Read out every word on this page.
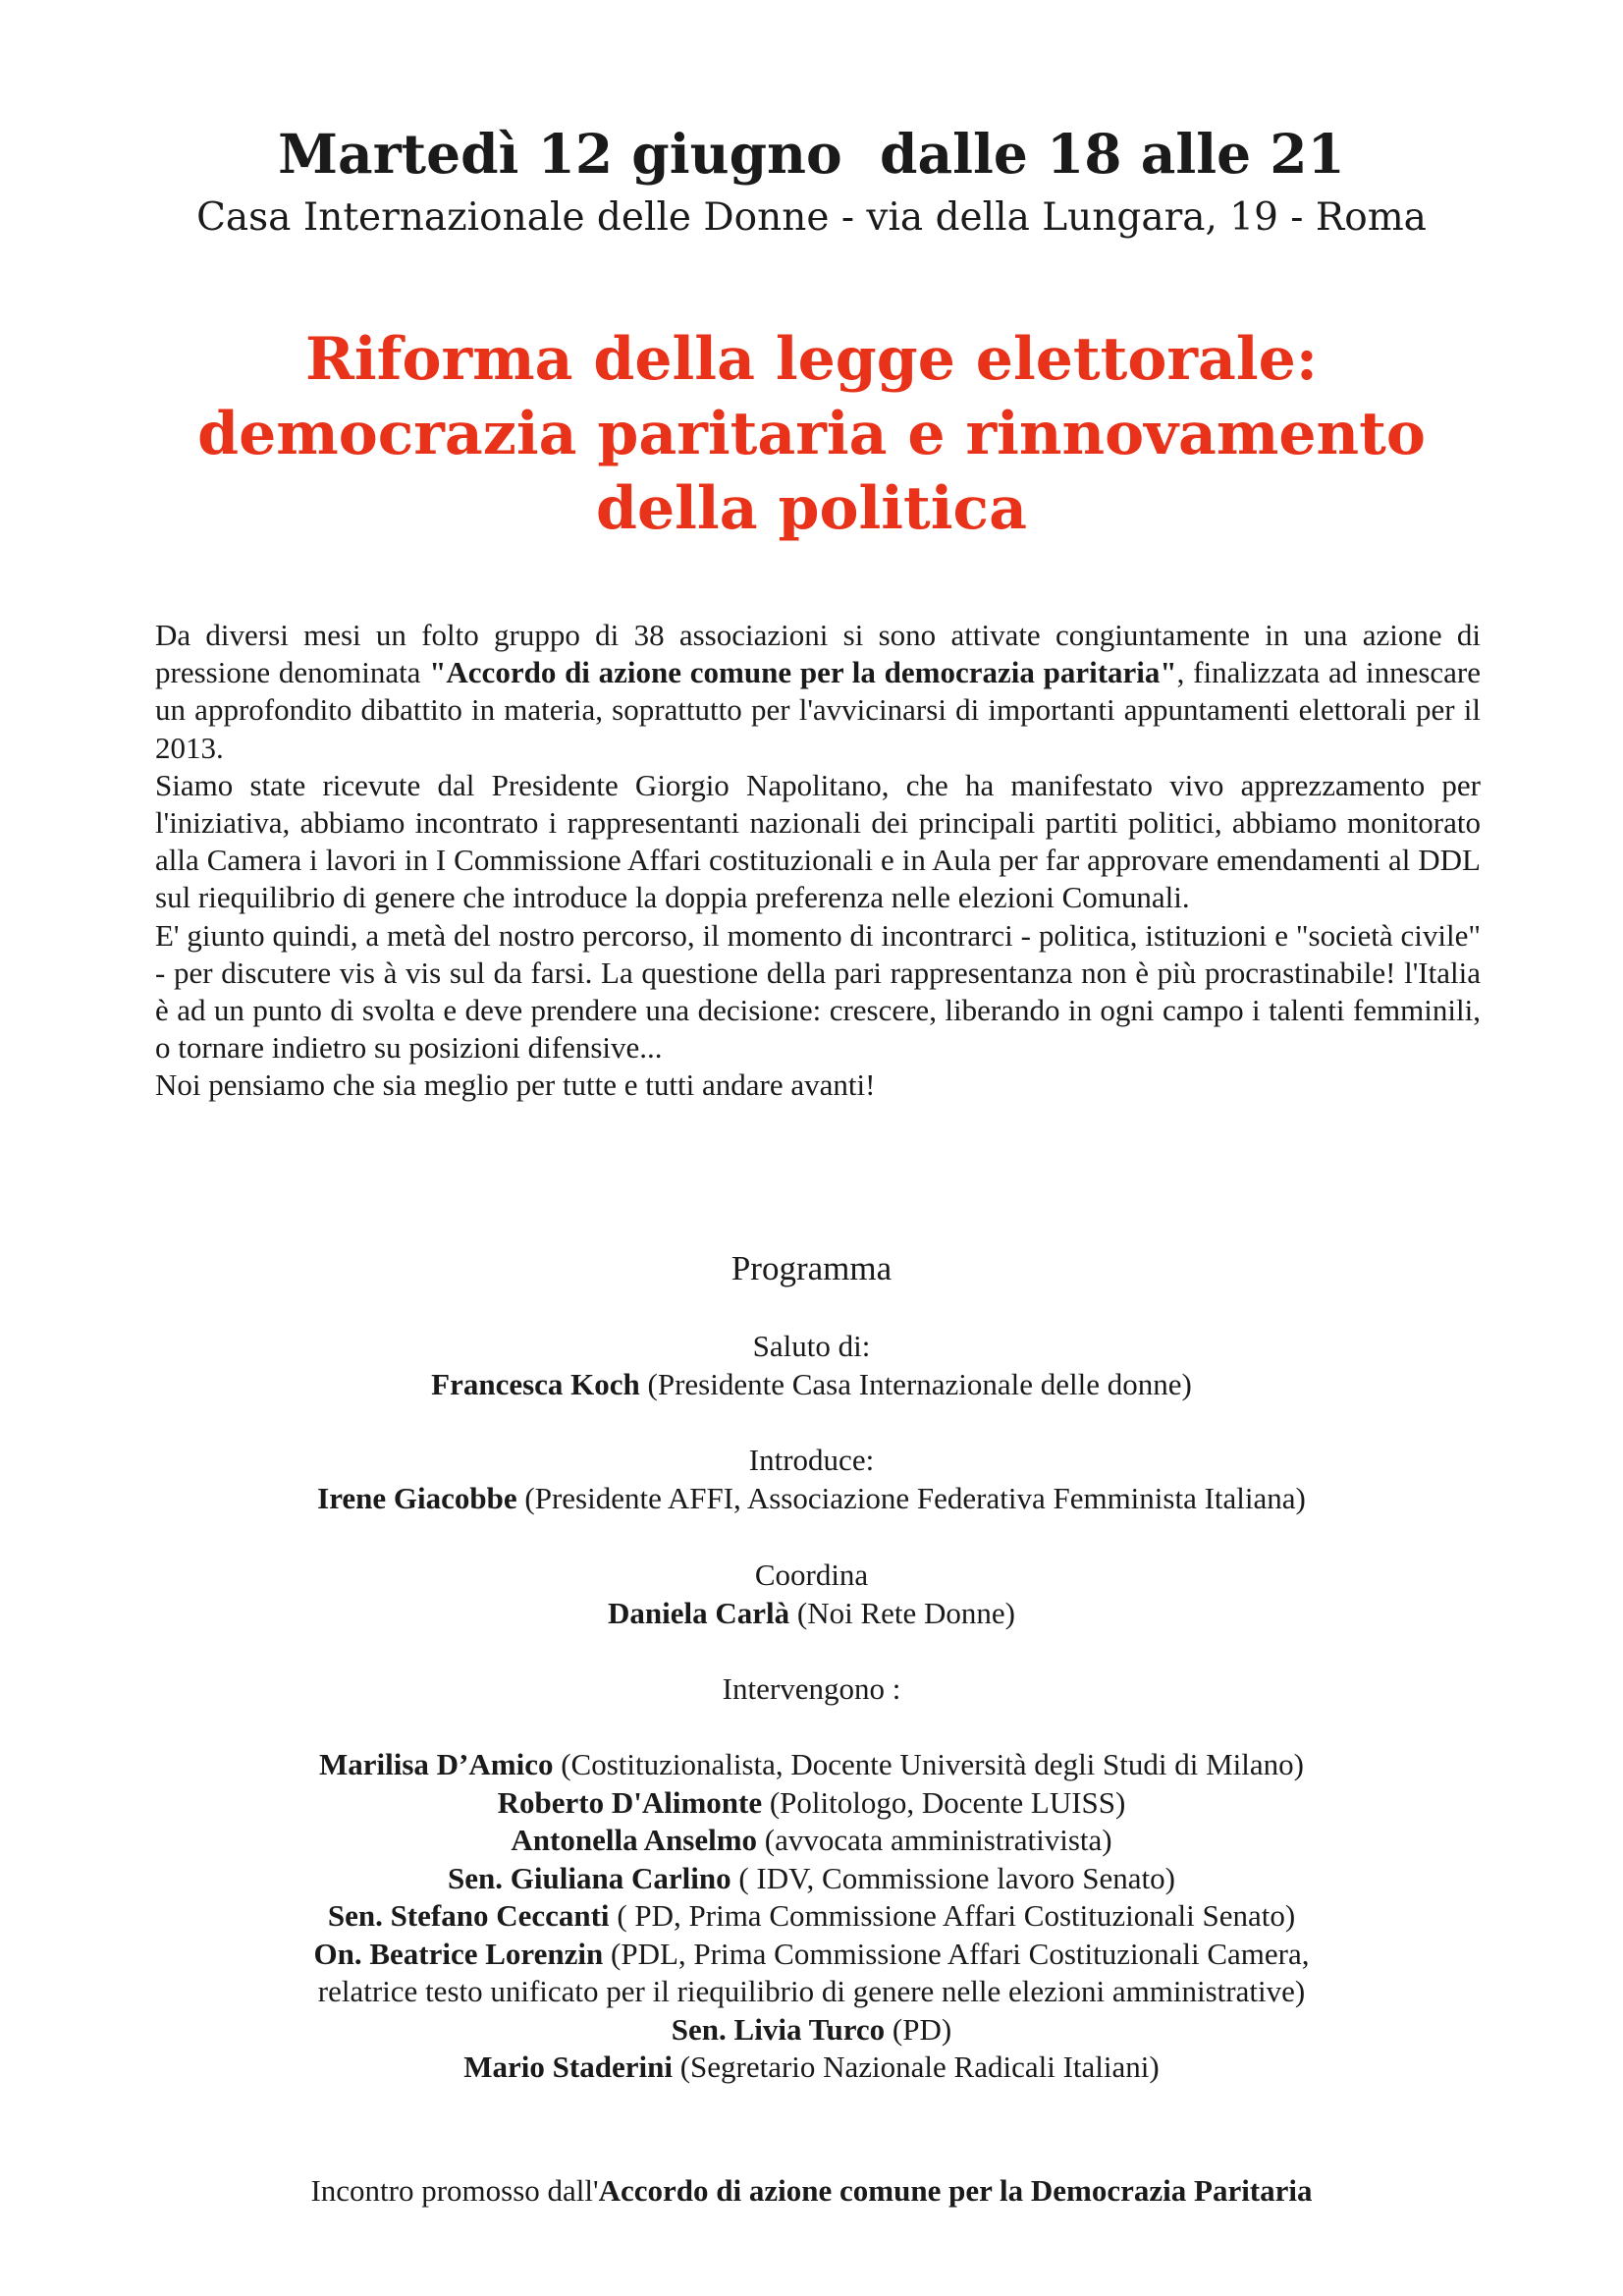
Martedì 12 giugno  dalle 18 alle 21
Casa Internazionale delle Donne - via della Lungara, 19 - Roma
Riforma della legge elettorale:
democrazia paritaria e rinnovamento
della politica

Da diversi mesi un folto gruppo di 38 associazioni si sono attivate congiuntamente in una azione di pressione denominata "Accordo di azione comune per la democrazia paritaria", finalizzata ad innescare un approfondito dibattito in materia, soprattutto per l'avvicinarsi di importanti appuntamenti elettorali per il 2013.

Siamo state ricevute dal Presidente Giorgio Napolitano, che ha manifestato vivo apprezzamento per l'iniziativa, abbiamo incontrato i rappresentanti nazionali dei principali partiti politici, abbiamo monitorato alla Camera i lavori in I Commissione Affari costituzionali e in Aula per far approvare emendamenti al DDL sul riequilibrio di genere che introduce la doppia preferenza nelle elezioni Comunali.

E' giunto quindi, a metà del nostro percorso, il momento di incontrarci - politica, istituzioni e "società civile" - per discutere vis à vis sul da farsi. La questione della pari rappresentanza non è più procrastinabile! l'Italia è ad un punto di svolta e deve prendere una decisione: crescere, liberando in ogni campo i talenti femminili, o tornare indietro su posizioni difensive...

Noi pensiamo che sia meglio per tutte e tutti andare avanti!

Programma
Saluto di:
Francesca Koch (Presidente Casa Internazionale delle donne)
Introduce:
Irene Giacobbe (Presidente AFFI, Associazione Federativa Femminista Italiana)
Coordina
Daniela Carlà (Noi Rete Donne)
Intervengono :
Marilisa D’Amico (Costituzionalista, Docente Università degli Studi di Milano)
Roberto D'Alimonte (Politologo, Docente LUISS)
Antonella Anselmo (avvocata amministrativista)
Sen. Giuliana Carlino ( IDV, Commissione lavoro Senato)
Sen. Stefano Ceccanti ( PD, Prima Commissione Affari Costituzionali Senato)
On. Beatrice Lorenzin (PDL, Prima Commissione Affari Costituzionali Camera,
relatrice testo unificato per il riequilibrio di genere nelle elezioni amministrative)
Sen. Livia Turco (PD)
Mario Staderini (Segretario Nazionale Radicali Italiani)
Incontro promosso dall'Accordo di azione comune per la Democrazia Paritaria
